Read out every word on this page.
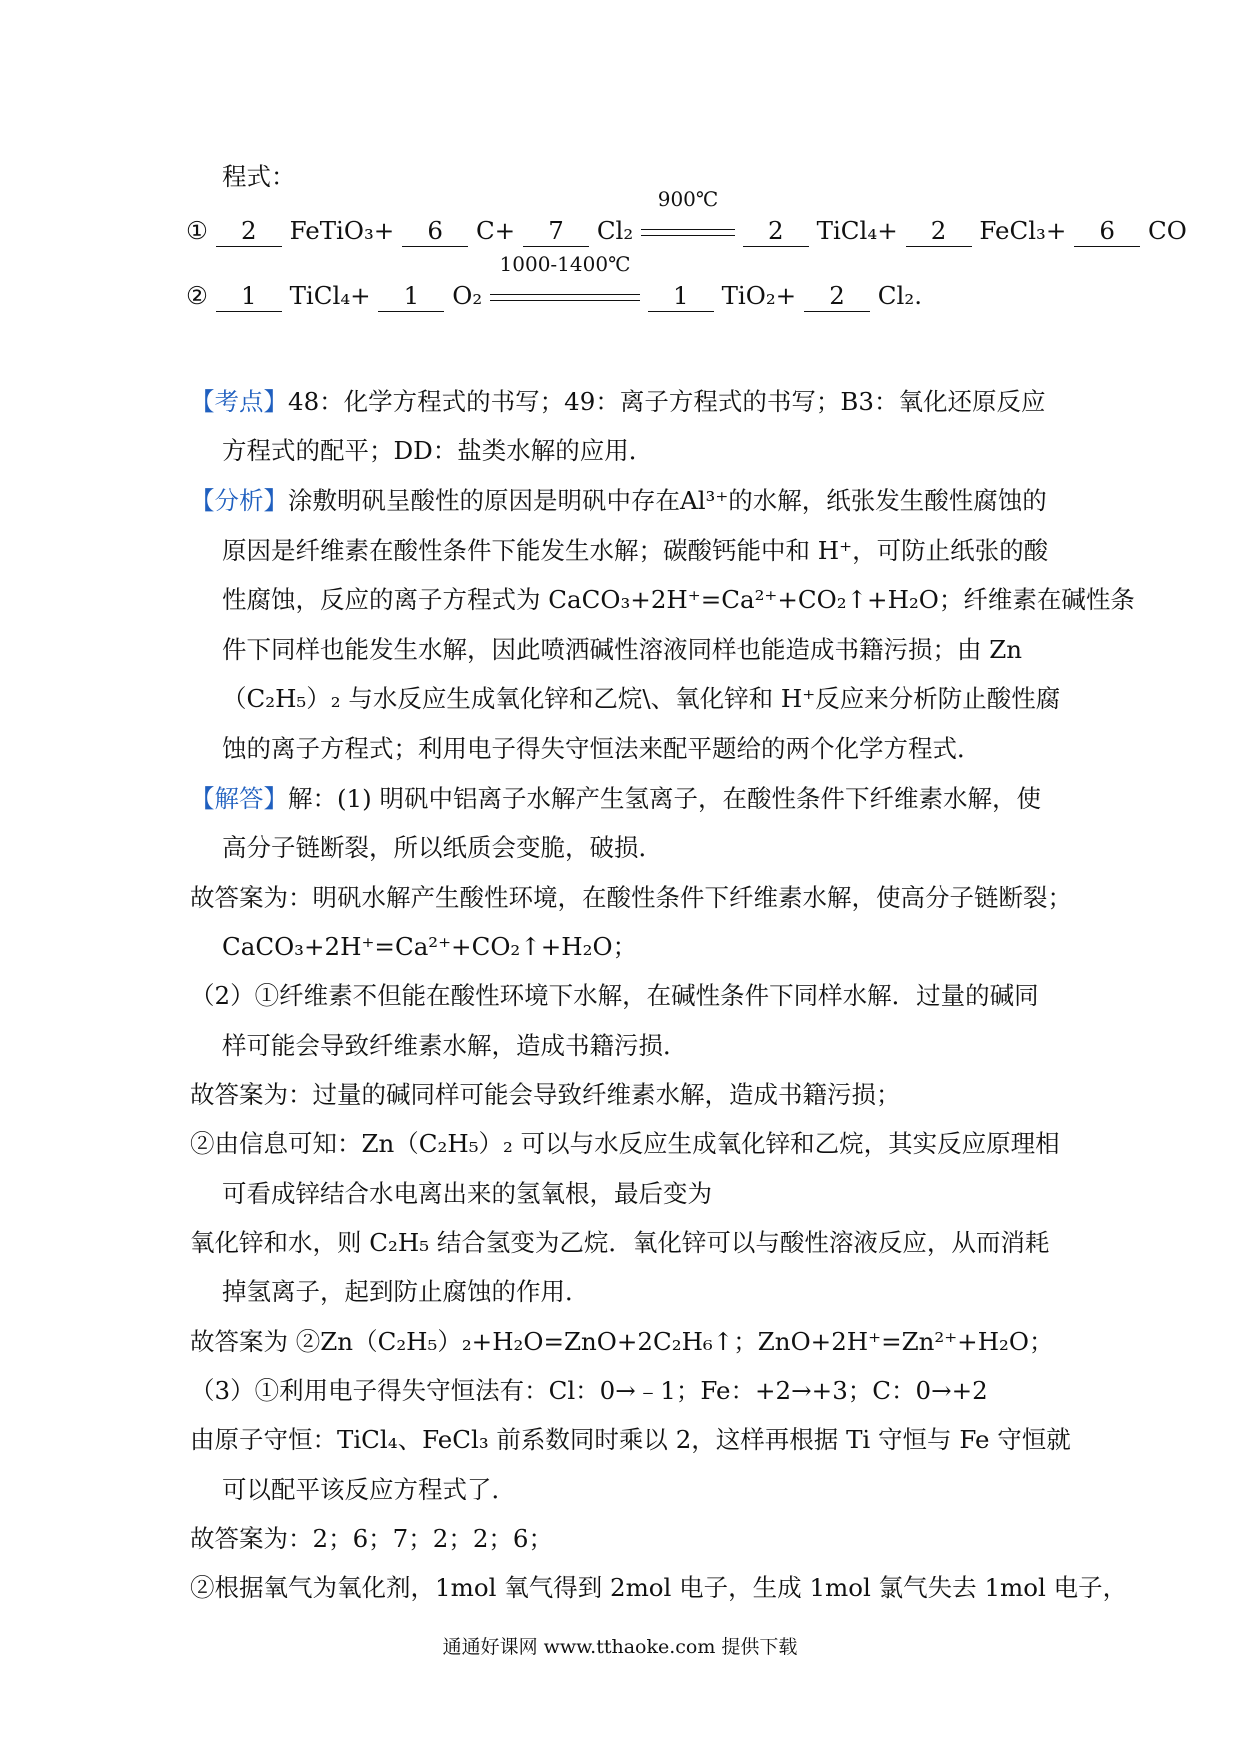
程式：
① 2 FeTiO₃+ 6 C+ 7 Cl₂
900℃
2 TiCl₄+ 2 FeCl₃+ 6 CO
② 1 TiCl₄+ 1 O₂
1000-1400℃
1 TiO₂+ 2 Cl₂.
【考点】48：化学方程式的书写；49：离子方程式的书写；B3：氧化还原反应
方程式的配平；DD：盐类水解的应用．
【分析】涂敷明矾呈酸性的原因是明矾中存在Al³⁺的水解，纸张发生酸性腐蚀的
原因是纤维素在酸性条件下能发生水解；碳酸钙能中和 H⁺，可防止纸张的酸
性腐蚀，反应的离子方程式为 CaCO₃+2H⁺=Ca²⁺+CO₂↑+H₂O；纤维素在碱性条
件下同样也能发生水解，因此喷洒碱性溶液同样也能造成书籍污损；由 Zn
（C₂H₅）₂ 与水反应生成氧化锌和乙烷\、氧化锌和 H⁺反应来分析防止酸性腐
蚀的离子方程式；利用电子得失守恒法来配平题给的两个化学方程式．
【解答】解：(1) 明矾中铝离子水解产生氢离子，在酸性条件下纤维素水解，使
高分子链断裂，所以纸质会变脆，破损．
故答案为：明矾水解产生酸性环境，在酸性条件下纤维素水解，使高分子链断裂；
CaCO₃+2H⁺=Ca²⁺+CO₂↑+H₂O；
（2）①纤维素不但能在酸性环境下水解，在碱性条件下同样水解．过量的碱同
样可能会导致纤维素水解，造成书籍污损．
故答案为：过量的碱同样可能会导致纤维素水解，造成书籍污损；
②由信息可知：Zn（C₂H₅）₂ 可以与水反应生成氧化锌和乙烷，其实反应原理相
可看成锌结合水电离出来的氢氧根，最后变为
氧化锌和水，则 C₂H₅ 结合氢变为乙烷．氧化锌可以与酸性溶液反应，从而消耗
掉氢离子，起到防止腐蚀的作用．
故答案为 ②Zn（C₂H₅）₂+H₂O=ZnO+2C₂H₆↑；ZnO+2H⁺=Zn²⁺+H₂O；
（3）①利用电子得失守恒法有：Cl：0→﹣1；Fe：+2→+3；C：0→+2
由原子守恒：TiCl₄、FeCl₃ 前系数同时乘以 2，这样再根据 Ti 守恒与 Fe 守恒就
可以配平该反应方程式了．
故答案为：2；6；7；2；2；6；
②根据氧气为氧化剂，1mol 氧气得到 2mol 电子，生成 1mol 氯气失去 1mol 电子，
通通好课网 www.tthaoke.com 提供下载
